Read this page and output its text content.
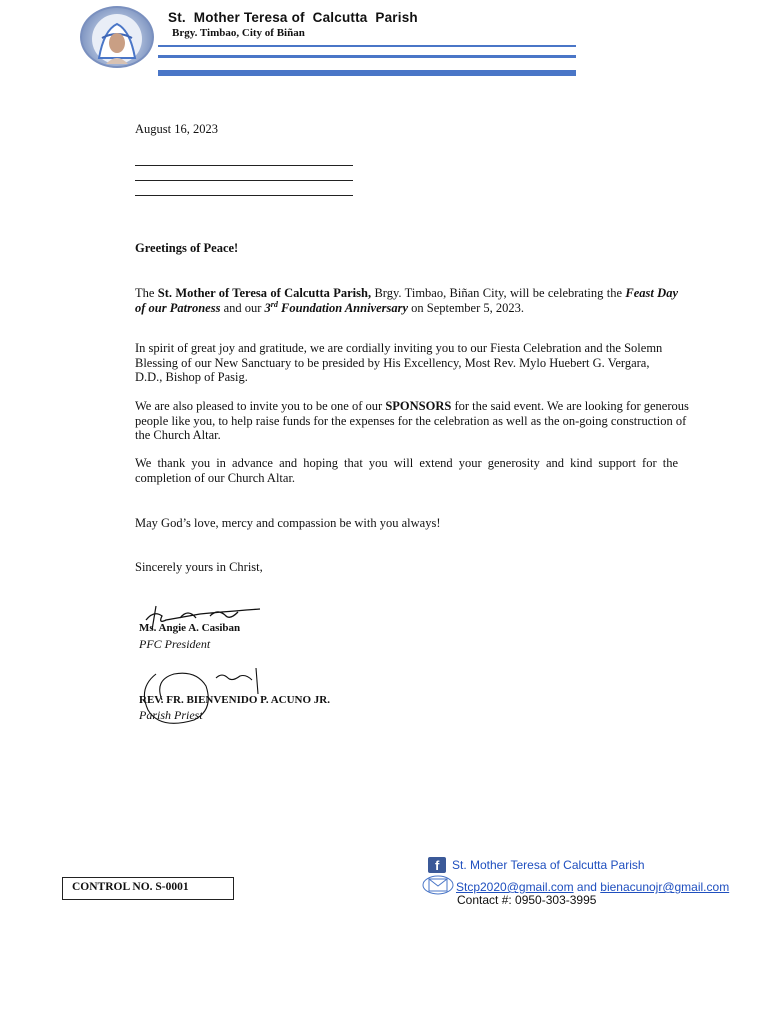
St.  Mother Teresa of  Calcutta  Parish
Brgy. Timbao, City of Biñan
August 16, 2023
Greetings of Peace!
The St. Mother of Teresa of Calcutta Parish, Brgy. Timbao, Biñan City, will be celebrating the Feast Day of our Patroness and our 3rd Foundation Anniversary on September 5, 2023.
In spirit of great joy and gratitude, we are cordially inviting you to our Fiesta Celebration and the Solemn Blessing of our New Sanctuary to be presided by His Excellency, Most Rev. Mylo Huebert G. Vergara, D.D., Bishop of Pasig.
We are also pleased to invite you to be one of our SPONSORS for the said event. We are looking for generous people like you, to help raise funds for the expenses for the celebration as well as the on-going construction of the Church Altar.
We thank you in advance and hoping that you will extend your generosity and kind support for the completion of our Church Altar.
May God’s love, mercy and compassion be with you always!
Sincerely yours in Christ,
Ms. Angie A. Casiban
PFC President
REV. FR. BIENVENIDO P. ACUNO JR.
Parish Priest
CONTROL NO. S-0001
f St. Mother Teresa of Calcutta Parish
Stcp2020@gmail.com and bienacunojr@gmail.com
Contact #: 0950-303-3995
